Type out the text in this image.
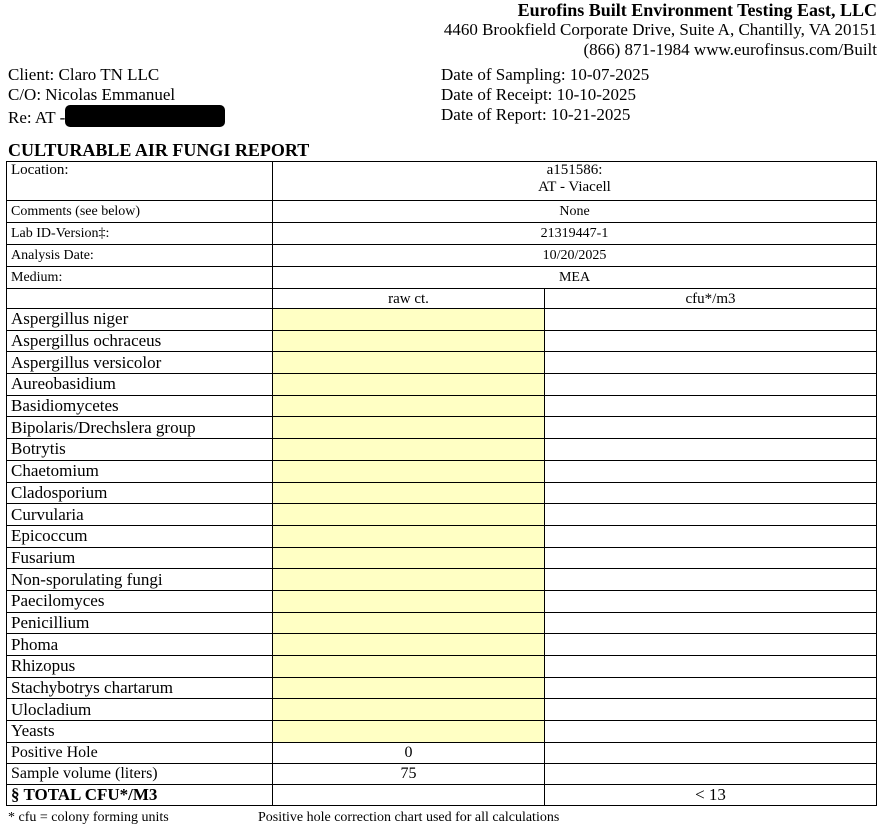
Eurofins Built Environment Testing East, LLC
4460 Brookfield Corporate Drive, Suite A, Chantilly, VA 20151
(866) 871-1984 www.eurofinsus.com/Built
Client: Claro TN LLC
C/O: Nicolas Emmanuel
Re: AT -
Date of Sampling: 10-07-2025
Date of Receipt: 10-10-2025
Date of Report: 10-21-2025
CULTURABLE AIR FUNGI REPORT
Location:	a151586:
AT - Viacell	

Comments (see below)	None	
Lab ID-Version‡:	21319447-1	
Analysis Date:	10/20/2025	
Medium:	MEA	
	raw ct.	cfu*/m3
Aspergillus niger		
Aspergillus ochraceus		
Aspergillus versicolor		
Aureobasidium		
Basidiomycetes		
Bipolaris/Drechslera group		
Botrytis		
Chaetomium		
Cladosporium		
Curvularia		
Epicoccum		
Fusarium		
Non-sporulating fungi		
Paecilomyces		
Penicillium		
Phoma		
Rhizopus		
Stachybotrys chartarum		
Ulocladium		
Yeasts		
Positive Hole	0	
Sample volume (liters)	75	
§ TOTAL CFU*/M3		< 13
* cfu = colony forming units	Positive hole correction chart used for all calculations
